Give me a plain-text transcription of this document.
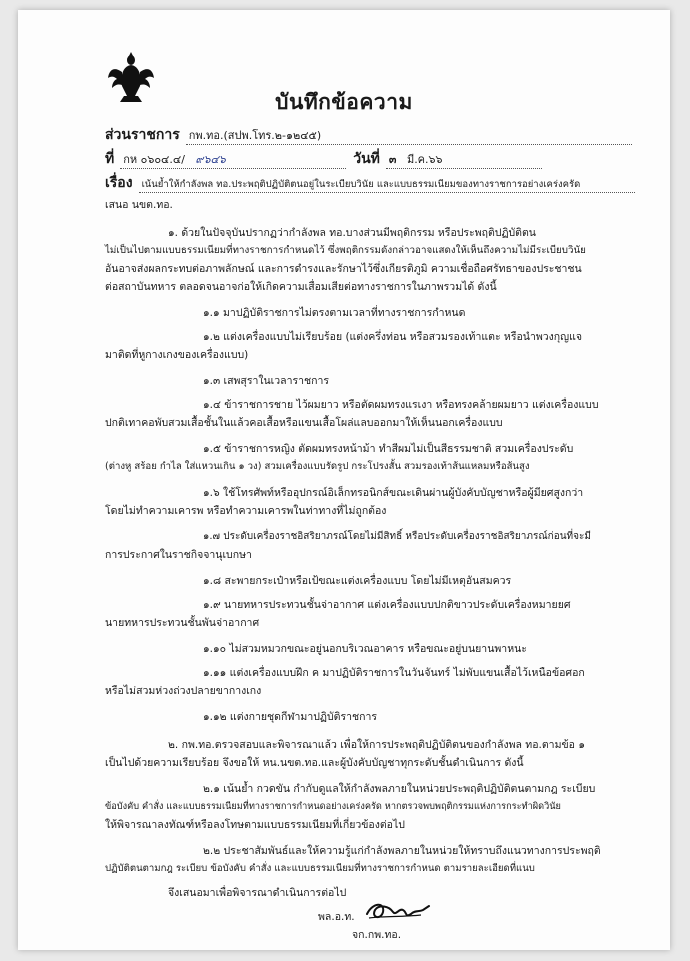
บันทึกข้อความ
ส่วนราชการ กพ.ทอ.(สปพ.โทร.๒-๑๒๔๕)
ที่ กห ๐๖๐๔.๔/ ๙๖๔๖	วันที่ ๓ มี.ค.๖๖
เรื่อง เน้นย้ำให้กำลังพล ทอ.ประพฤติปฏิบัติตนอยู่ในระเบียบวินัย และแบบธรรมเนียมของทางราชการอย่างเคร่งครัด
เสนอ นขต.ทอ.
๑. ด้วยในปัจจุบันปรากฏว่ากำลังพล ทอ.บางส่วนมีพฤติกรรม หรือประพฤติปฏิบัติตน
ไม่เป็นไปตามแบบธรรมเนียมที่ทางราชการกำหนดไว้ ซึ่งพฤติกรรมดังกล่าวอาจแสดงให้เห็นถึงความไม่มีระเบียบวินัย
อันอาจส่งผลกระทบต่อภาพลักษณ์ และการดำรงและรักษาไว้ซึ่งเกียรติภูมิ ความเชื่อถือศรัทธาของประชาชน
ต่อสถาบันทหาร ตลอดจนอาจก่อให้เกิดความเสื่อมเสียต่อทางราชการในภาพรวมได้ ดังนี้
๑.๑ มาปฏิบัติราชการไม่ตรงตามเวลาที่ทางราชการกำหนด
๑.๒ แต่งเครื่องแบบไม่เรียบร้อย (แต่งครึ่งท่อน หรือสวมรองเท้าแตะ หรือนำพวงกุญแจ
มาติดที่หูกางเกงของเครื่องแบบ)
๑.๓ เสพสุราในเวลาราชการ
๑.๔ ข้าราชการชาย ไว้ผมยาว หรือตัดผมทรงแรเงา หรือทรงคล้ายผมยาว แต่งเครื่องแบบ
ปกติเทาคอพับสวมเสื้อชั้นในแล้วคอเสื้อหรือแขนเสื้อโผล่แลบออกมาให้เห็นนอกเครื่องแบบ
๑.๕ ข้าราชการหญิง ตัดผมทรงหน้าม้า ทำสีผมไม่เป็นสีธรรมชาติ สวมเครื่องประดับ
(ต่างหู สร้อย กำไล ใส่แหวนเกิน ๑ วง) สวมเครื่องแบบรัดรูป กระโปรงสั้น สวมรองเท้าส้นแหลมหรือส้นสูง
๑.๖ ใช้โทรศัพท์หรืออุปกรณ์อิเล็กทรอนิกส์ขณะเดินผ่านผู้บังคับบัญชาหรือผู้มียศสูงกว่า
โดยไม่ทำความเคารพ หรือทำความเคารพในท่าทางที่ไม่ถูกต้อง
๑.๗ ประดับเครื่องราชอิสริยาภรณ์โดยไม่มีสิทธิ์ หรือประดับเครื่องราชอิสริยาภรณ์ก่อนที่จะมี
การประกาศในราชกิจจานุเบกษา
๑.๘ สะพายกระเป๋าหรือเป้ขณะแต่งเครื่องแบบ โดยไม่มีเหตุอันสมควร
๑.๙ นายทหารประทวนชั้นจ่าอากาศ แต่งเครื่องแบบปกติขาวประดับเครื่องหมายยศ
นายทหารประทวนชั้นพันจ่าอากาศ
๑.๑๐ ไม่สวมหมวกขณะอยู่นอกบริเวณอาคาร หรือขณะอยู่บนยานพาหนะ
๑.๑๑ แต่งเครื่องแบบฝึก ค มาปฏิบัติราชการในวันจันทร์ ไม่พับแขนเสื้อไว้เหนือข้อศอก
หรือไม่สวมห่วงถ่วงปลายขากางเกง
๑.๑๒ แต่งกายชุดกีฬามาปฏิบัติราชการ
๒. กพ.ทอ.ตรวจสอบและพิจารณาแล้ว เพื่อให้การประพฤติปฏิบัติตนของกำลังพล ทอ.ตามข้อ ๑
เป็นไปด้วยความเรียบร้อย จึงขอให้ หน.นขต.ทอ.และผู้บังคับบัญชาทุกระดับชั้นดำเนินการ ดังนี้
๒.๑ เน้นย้ำ กวดขัน กำกับดูแลให้กำลังพลภายในหน่วยประพฤติปฏิบัติตนตามกฎ ระเบียบ
ข้อบังคับ คำสั่ง และแบบธรรมเนียมที่ทางราชการกำหนดอย่างเคร่งครัด หากตรวจพบพฤติกรรมแห่งการกระทำผิดวินัย
ให้พิจารณาลงทัณฑ์หรือลงโทษตามแบบธรรมเนียมที่เกี่ยวข้องต่อไป
๒.๒ ประชาสัมพันธ์และให้ความรู้แก่กำลังพลภายในหน่วยให้ทราบถึงแนวทางการประพฤติ
ปฏิบัติตนตามกฎ ระเบียบ ข้อบังคับ คำสั่ง และแบบธรรมเนียมที่ทางราชการกำหนด ตามรายละเอียดที่แนบ
จึงเสนอมาเพื่อพิจารณาดำเนินการต่อไป
พล.อ.ท.
จก.กพ.ทอ.
